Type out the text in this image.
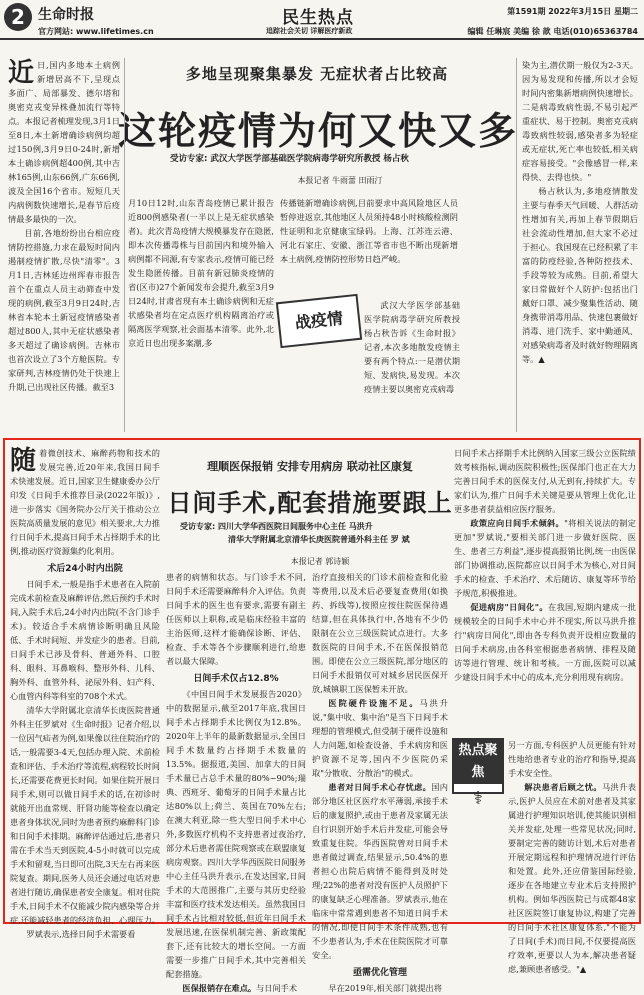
2 生命时报
官方网站: www.lifetimes.cn
民生热点
追踪社会关切 详解医疗新政
第1591期 2022年3月15日 星期二
编辑 任琳宸 美编 徐 歆 电话(010)65363784

近日,国内多地本土病例新增居高不下,呈现点多面广、局部暴发、德尔塔和奥密克戎变异株叠加流行等特点。本报记者梳理发现,3月1日至8日,本土新增确诊病例均超过150例,3月9日0-24时,新增本土确诊病例超400例,其中吉林165例,山东66例,广东66例,波及全国16个省市。短短几天内病例数快速增长,是春节后疫情最多最快的一次。

目前,各地纷纷出台相应疫情防控措施,力求在最短时间内遏制疫情扩散,尽快"清零"。3月1日,吉林延边州珲春市报告首个在重点人员主动筛查中发现的病例,截至3月9日24时,吉林省本轮本土新冠疫情感染者超过800人,其中无症状感染者多天超过了确诊病例。吉林市也首次设立了3个方舱医院。专家研判,吉林疫情仍处于快速上升期,已出现社区传播。截至3

多地呈现聚集暴发 无症状者占比较高
这轮疫情为何又快又多
受访专家: 武汉大学医学部基础医学院病毒学研究所教授 杨占秋
本报记者 牛雨蕾 田雨汀

月10日12时,山东青岛疫情已累计报告近800例感染者(一半以上是无症状感染者)。此次青岛疫情大规模暴发存在隐匿,即本次传播毒株与目前国内和境外输入病例都不同源,有专家表示,疫情可能已经发生隐匿传播。目前有新冠肺炎疫情的省(区市)27个新闻发布会提升,截至3月9日24时,甘肃省现有本土确诊病例和无症状感染者均在定点医疗机构隔离治疗或隔离医学观察,社会面基本清零。此外,北京近日也出现多案潮,多

战疫情

传播链新增确诊病例,目前要求中高风险地区人员暂停进返京,其他地区人员须持48小时核酸检测阴性证明和北京健康宝绿码。上海、江苏连云港、河北石家庄、安徽、浙江等省市也不断出现新增本土病例,疫情防控形势日趋严峻。

武汉大学医学部基础医学院病毒学研究所教授杨占秋告诉《生命时报》记者,本次多地散发疫情主要有两个特点:一是潜伏期短、发病快,易发现。本次疫情主要以奥密克戎病毒

染为主,潜伏期一般仅为2-3天。因为易发现和传播,所以才会短时间内密集新增病例快速增长。二是病毒致病性弱,不易引起严重症状、易于控制。奥密克戎病毒致病性较弱,感染者多为轻症或无症状,死亡率也较低,相关病症容易接受。"会像感冒一样,来得快、去得也快。"

杨占秋认为,多地疫情散发主要与春季天气回暖、人群活动性增加有关,再加上春节假期后社会流动性增加,但大家不必过于担心。我国现在已经积累了丰富的防疫经验,各种防控技术、手段等较为成熟。目前,希望大家日常做好个人防护:包括出门戴好口罩、减少聚集性活动、随身携带消毒用品、快速包裹做好消毒、进门洗手、家中勤通风、对感染病毒者及时就好物理隔离等。▲

随着微创技术、麻醉药物和技术的发展完善,近20年来,我国日间手术快速发展。近日,国家卫生健康委办公厅印发《日间手术推荐目录(2022年版)》,进一步落实《国务院办公厅关于推动公立医院高质量发展的意见》相关要求,大力推行日间手术,提高日间手术占择期手术的比例,推动医疗资源集约化利用。

术后24小时内出院

日间手术,一般是指手术患者在入院前完成术前检查及麻醉评估,然后预约手术时间,入院手术后,24小时内出院(不含门诊手术)。较适合手术病情诊断明确且风险低、手术时间短、并发症少的患者。目前,日间手术已涉及骨科、普通外科、口腔科、眼科、耳鼻喉科、整形外科、儿科、胸外科、血管外科、泌尿外科、妇产科、心血管内科等科室的708个术式。

清华大学附属北京清华长庚医院普通外科主任罗斌对《生命时报》记者介绍,以一位因气疝者为例,如果像以往住院治疗的话,一般需要3-4天,包括办理入院、术前检查和评估、手术治疗等流程,病程较长时间长,还需要花费更长时间。如果住院开展日间手术,则可以做日间手术的话,在初诊时就能开出血常规、肝肾功能等检查以确定患者身体状况,同时为患者预约麻醉科门诊和日间手术排期。麻醉评估通过后,患者只需在手术当天到医院,4-5小时就可以完成手术和留观,当日即可出院,3天左右再来医院复查。期间,医务人员还会通过电话对患者进行随访,确保患者安全康复。相对住院手术,日间手术不仅能减少院内感染等合并症,还能减轻患者的经济负担、心理压力。

罗斌表示,选择日间手术需要看

理顺医保报销 安排专用病房 联动社区康复
日间手术,配套措施要跟上
受访专家: 四川大学华西医院日间服务中心主任 马洪升
清华大学附属北京清华长庚医院普通外科主任 罗 斌
本报记者 郭诗颖

患者的病情和状态。与门诊手术不同,日间手术还需要麻醉科介入评估。负责日间手术的医生也有要求,需要有副主任医师以上职称,或是临床经验丰富的主治医师,这样才能确保诊断、评估、检查、手术等各个步骤顺利进行,给患者以最大保障。

日间手术仅占12.8%

《中国日间手术发展报告2020》中的数据显示,截至2017年底,我国日间手术占择期手术比例仅为12.8%。2020年上半年的最新数据显示,全国日间手术数量约占择期手术数量的13.5%。据报道,美国、加拿大的日间手术量已占总手术量的80%~90%;瑞典、西班牙、葡萄牙的日间手术量占比达80%以上;荷兰、英国在70%左右;在澳大利亚,除一些大型日间手术中心外,多数医疗机构不支持患者过夜治疗,部分术后患者需住院观察或在联盟康复病房观察。四川大学华西医院日间服务中心主任马洪升表示,在发达国家,日间手术的大范围推广,主要与其历史经验丰富和医疗技术发达相关。虽然我国日间手术占比相对较低,但近年日间手术发展迅速,在医保机制完善、新政策配套下,还有比较大的增长空间。一方面需要一步推广日间手术,其中完善相关配套措施。

医保报销存在难点。与日间手术

治疗直接相关的门诊术前检查和化验等费用,以及术后必要复查费用(如换药、拆线等),按照应按住院医保待遇结算,但在具体执行中,各地有不少仍限制在公立三级医院试点进行。大多数医院的日间手术,不在医保报销范围。即使在公立三级医院,部分地区的日间手术报销仅可对城乡居民医保开放,城镇职工医保暂未开放。

医院硬件设施不足。马洪升说,"集中收、集中治"是当下日间手术理想的管理模式,但受制于硬件设施和人力问题,如检查设备、手术病房和医护资源不足等,国内不少医院仍采取"分散收、分散治"的模式。

患者对日间手术心存忧虑。国内部分地区社区医疗水平薄弱,承接手术后的康复照护,或由于患者及家属无法自行识别开始手术后并发症,可能会导致重复住院。华西医院曾对日间手术患者做过调查,结果显示,50.4%的患者担心出院后病情不能得到及时处理;22%的患者对没有医护人员照护下的康复缺乏心理准备。罗斌表示,他在临床中常常遇到患者不知道日间手术的情况,即使日间手术条件成熟,也有不少患者认为,手术在住院医院才可靠安全。

亟需优化管理

早在2019年,相关部门就提出将

热点聚焦
⚕

日间手术占择期手术比例纳入国家三级公立医院绩效考核指标,调动医院积极性;医保部门也正在大力完善日间手术的医保支付,从无到有,持续扩大。专家们认为,推广日间手术关键是要从管理上优化,让更多患者获益相应医疗服务。

政策应向日间手术倾斜。"将相关说法的制定更加"罗斌说,"要相关部门进一步做好医院、医生、患者三方利益",逐步提高报销比例,统一由医保部门协调推动,医院都应以日间手术为核心,对日间手术的检查、手术治疗、术后随访、康复等环节给予规范,积极推进。

促进病房"日间化"。在我国,短期内建成一批规模较全的日间手术中心并不现实,所以马洪升推行"病房日间化",即由各专科负责开设相应数量的日间手术病房,由各科室根据患者病情、排程及随访等进行管理、统计和考核。一方面,医院可以减少建设日间手术中心的成本,充分利用现有病房。

另一方面,专科医护人员更能有针对性地给患者专业的治疗和指导,提高手术安全性。

解决患者后顾之忧。马洪升表示,医护人员应在术前对患者及其家属进行护理知识培训,使其能识别相关并发症,处理一些常见状况;同时,要制定完善的随访计划,术后对患者开展定期远程和护理情况进行评估和处置。此外,还应借鉴国际经验,逐步在各地建立专业术后支持照护机构。例如华西医院已与成都48家社区医院签订康复协议,构建了完善的日间手术社区康复体系,"不能为了日间(手术)而日间,不仅要提高医疗效率,更要以人为本,解决患者疑虑,兼顾患者感受。"▲
